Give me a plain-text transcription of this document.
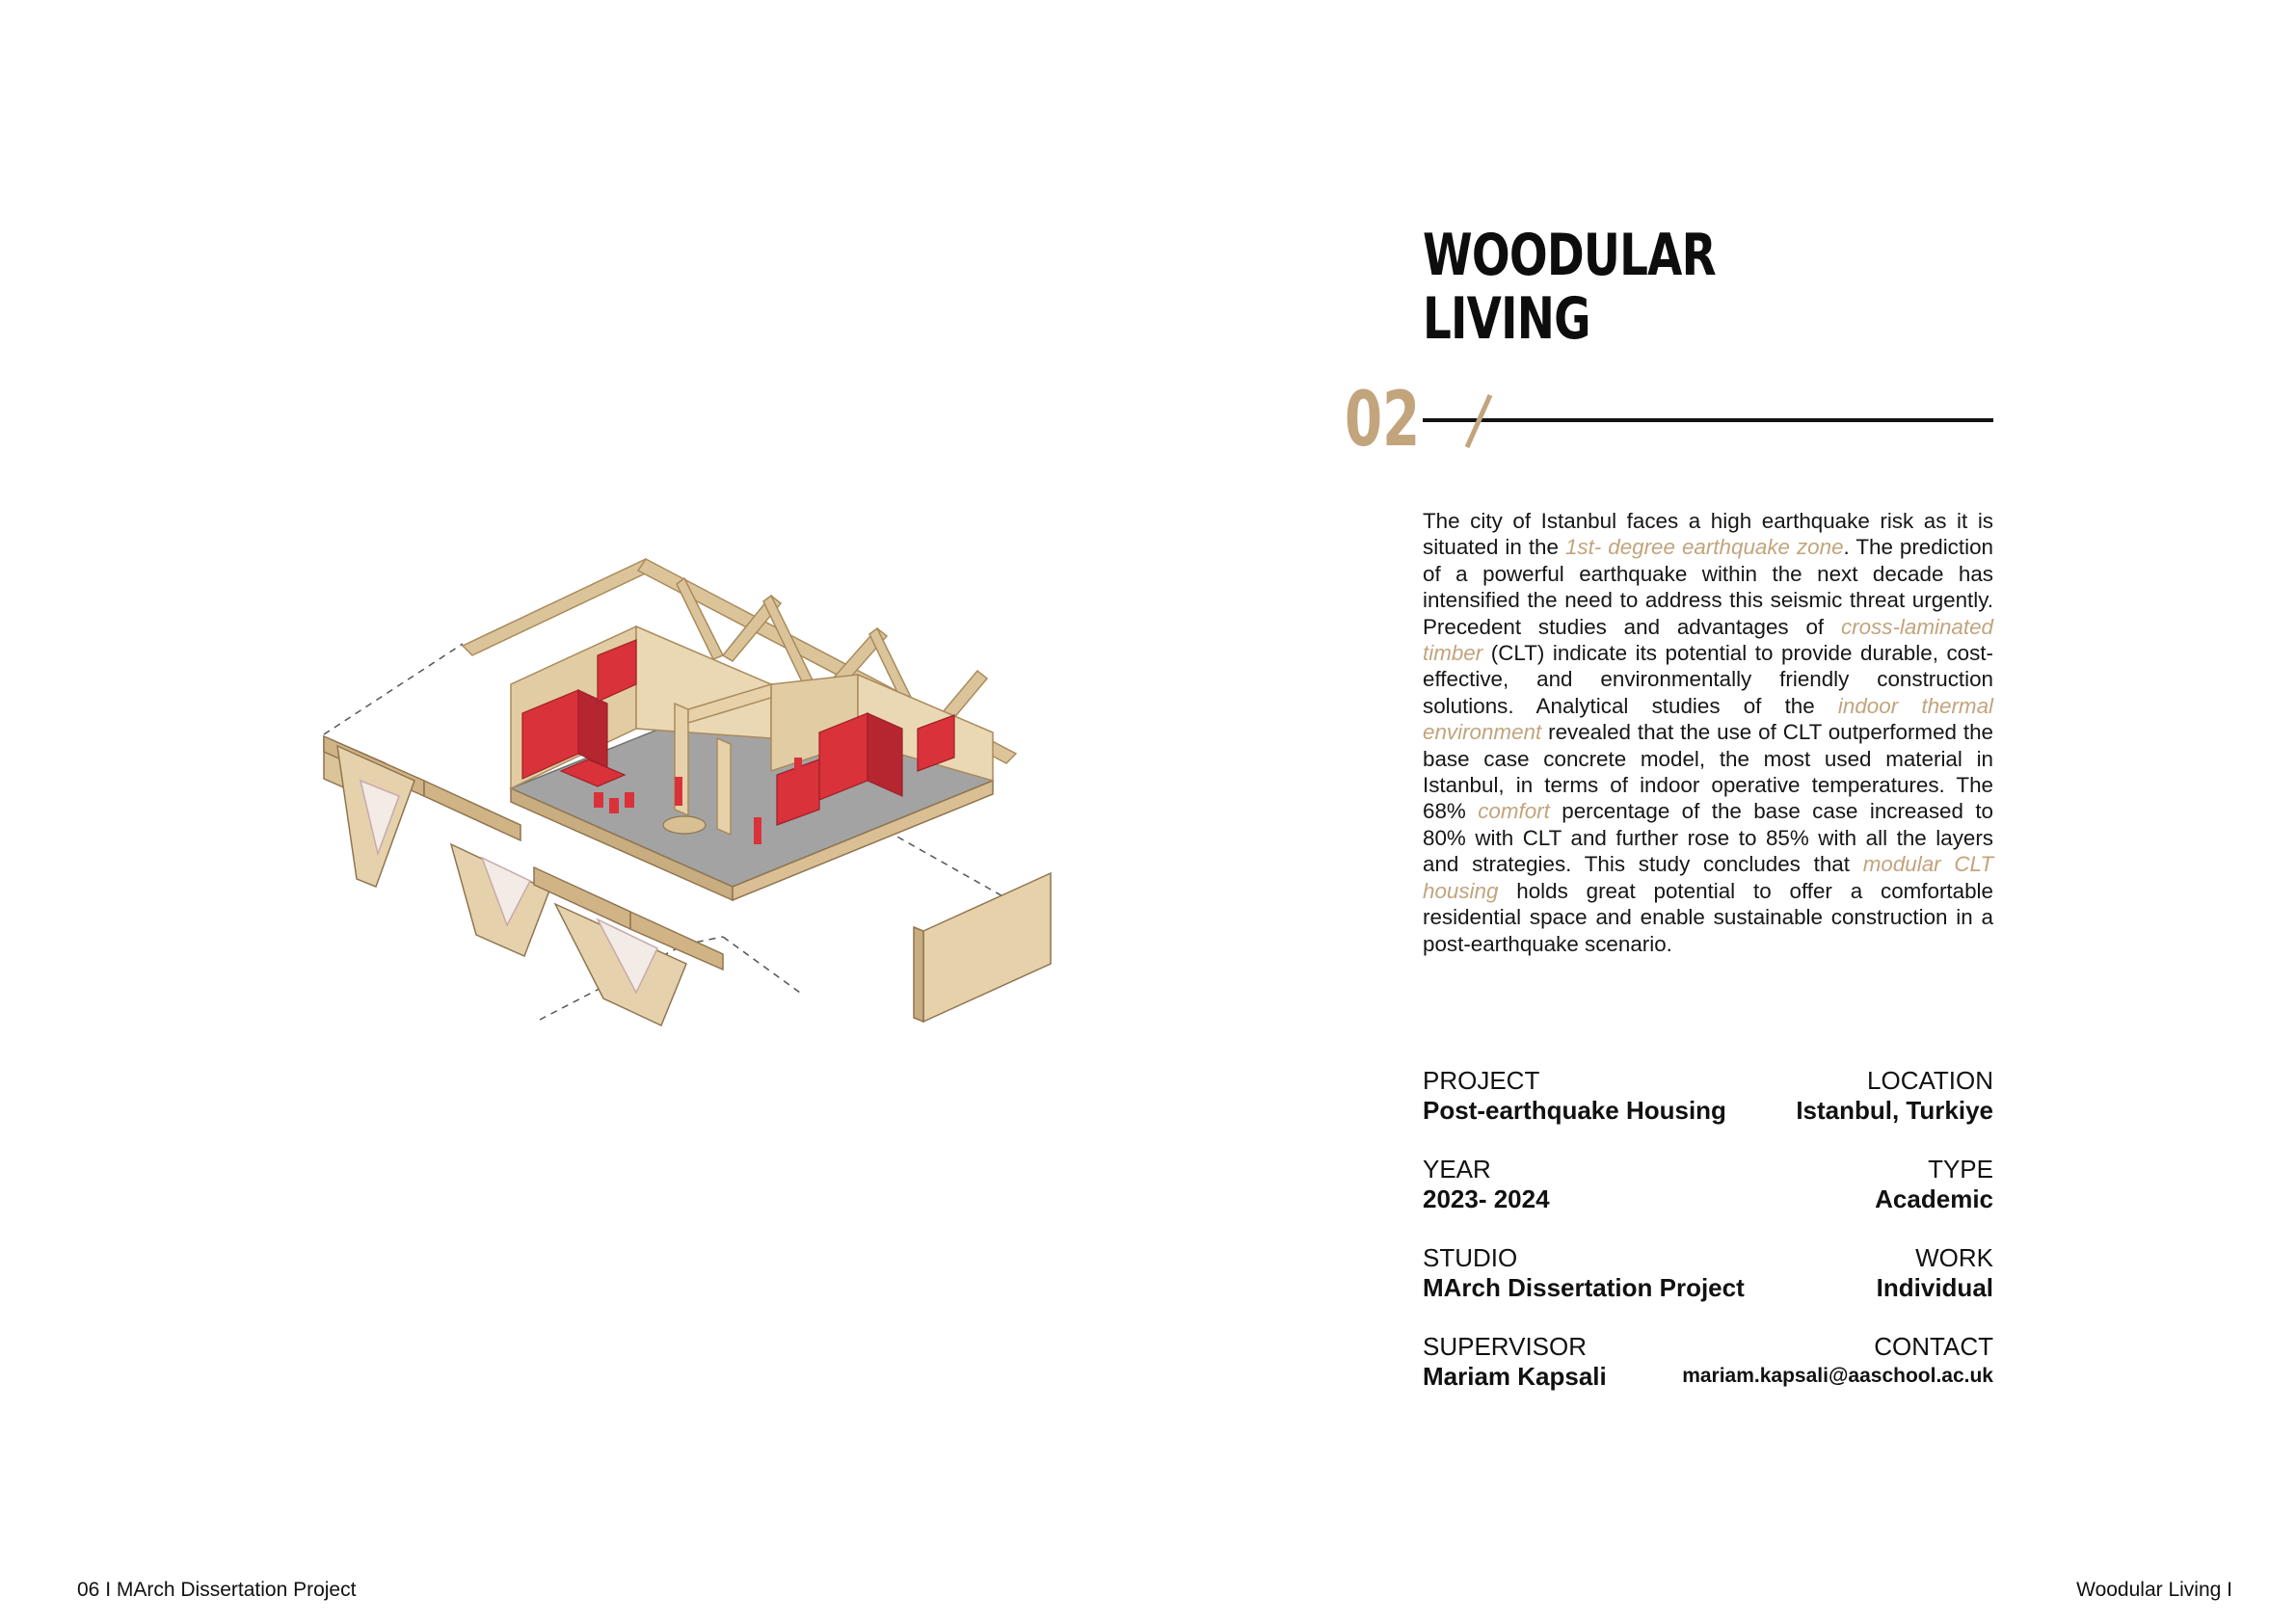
WOODULAR
LIVING
02

The city of Istanbul faces a high earthquake risk as it is situated in the 1st- degree earthquake zone. The prediction of a powerful earthquake within the next decade has intensified the need to address this seismic threat urgently. Precedent studies and advantages of cross-laminated timber (CLT) indicate its potential to provide durable, cost-effective, and environmentally friendly construction solutions. Analytical studies of the indoor thermal environment revealed that the use of CLT outperformed the base case concrete model, the most used material in Istanbul, in terms of indoor operative temperatures. The 68% comfort percentage of the base case increased to 80% with CLT and further rose to 85% with all the layers and strategies. This study concludes that modular CLT housing holds great potential to offer a comfortable residential space and enable sustainable construction in a post-earthquake scenario.

PROJECT
Post-earthquake Housing
LOCATION
Istanbul, Turkiye
YEAR
2023- 2024
TYPE
Academic
STUDIO
MArch Dissertation Project
WORK
Individual
SUPERVISOR
Mariam Kapsali
CONTACT
mariam.kapsali@aaschool.ac.uk
06 I MArch Dissertation Project	Woodular Living I
